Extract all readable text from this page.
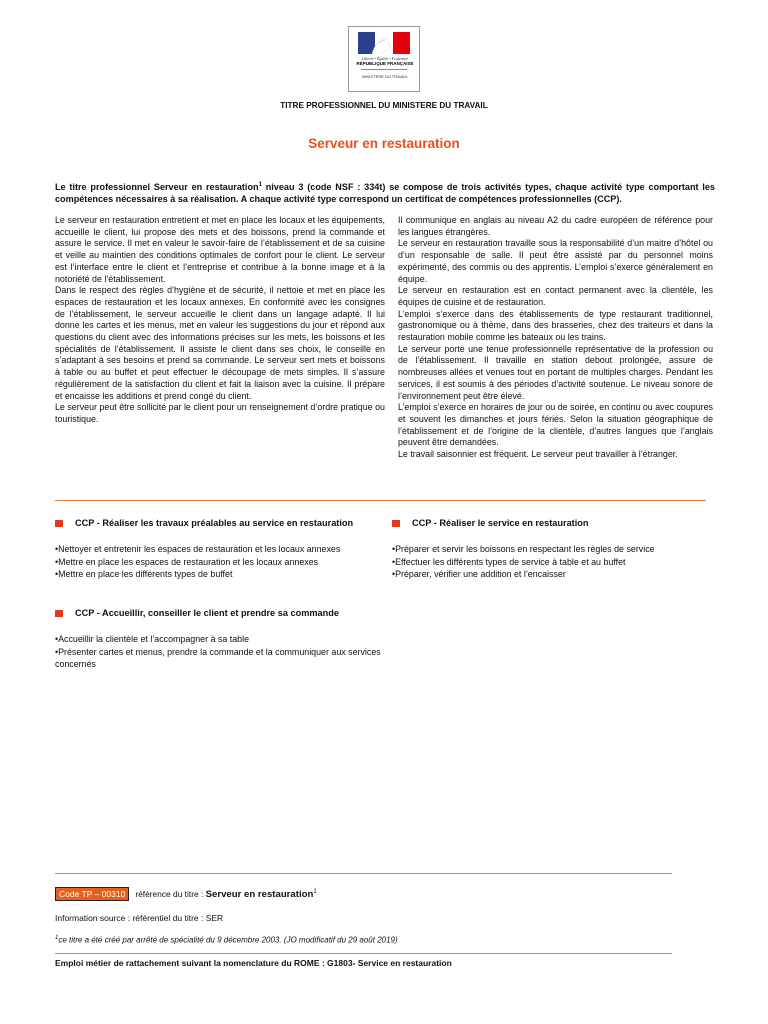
Liberté • Égalité • Fraternité
RÉPUBLIQUE FRANÇAISE
MINISTÈRE DU TRAVAIL
TITRE PROFESSIONNEL DU MINISTERE DU TRAVAIL
Serveur en restauration
Le titre professionnel Serveur en restauration$^1$ niveau 3 (code NSF : 334t) se compose de trois activités types, chaque activité type comportant les compétences nécessaires à sa réalisation. A chaque activité type correspond un certificat de compétences professionnelles (CCP).

Le serveur en restauration entretient et met en place les locaux et les équipements, accueille le client, lui propose des mets et des boissons, prend la commande et assure le service. Il met en valeur le savoir-faire de l’établissement et de sa cuisine et veille au maintien des conditions optimales de confort pour le client. Le serveur est l’interface entre le client et l’entreprise et contribue à la bonne image et à la notoriété de l’établissement.

Dans le respect des règles d’hygiène et de sécurité, il nettoie et met en place les espaces de restauration et les locaux annexes. En conformité avec les consignes de l’établissement, le serveur accueille le client dans un langage adapté. Il lui donne les cartes et les menus, met en valeur les suggestions du jour et répond aux questions du client avec des informations précises sur les mets, les boissons et les spécialités de l’établissement. Il assiste le client dans ses choix, le conseille en s’adaptant à ses besoins et prend sa commande. Le serveur sert mets et boissons à table ou au buffet et peut effectuer le découpage de mets simples. Il s’assure régulièrement de la satisfaction du client et fait la liaison avec la cuisine. Il prépare et encaisse les additions et prend congé du client.

Le serveur peut être sollicité par le client pour un renseignement d’ordre pratique ou touristique.

Il communique en anglais au niveau A2 du cadre européen de référence pour les langues étrangères.

Le serveur en restauration travaille sous la responsabilité d’un maitre d’hôtel ou d’un responsable de salle. Il peut être assisté par du personnel moins expérimenté, des commis ou des apprentis. L’emploi s’exerce généralement en équipe.

Le serveur en restauration est en contact permanent avec la clientèle, les équipes de cuisine et de restauration.

L’emploi s’exerce dans des établissements de type restaurant traditionnel, gastronomique ou à thème, dans des brasseries, chez des traiteurs et dans la restauration mobile comme les bateaux ou les trains.

Le serveur porte une tenue professionnelle représentative de la profession ou de l’établissement. Il travaille en station debout prolongée, assure de nombreuses allées et venues tout en portant de multiples charges. Pendant les services, il est soumis à des périodes d’activité soutenue. Le niveau sonore de l’environnement peut être élevé.

L’emploi s’exerce en horaires de jour ou de soirée, en continu ou avec coupures et souvent les dimanches et jours fériés. Selon la situation géographique de l’établissement et de l’origine de la clientèle, d’autres langues que l’anglais peuvent être demandées.

Le travail saisonnier est fréquent. Le serveur peut travailler à l’étranger.

CCP - Réaliser les travaux préalables au service en restauration
•Nettoyer et entretenir les espaces de restauration et les locaux annexes
•Mettre en place les espaces de restauration et les locaux annexes
•Mettre en place les différents types de buffet
CCP - Réaliser le service en restauration
•Préparer et servir les boissons en respectant les règles de service
•Effectuer les différents types de service à table et au buffet
•Préparer, vérifier une addition et l’encaisser
CCP - Accueillir, conseiller le client et prendre sa commande
•Accueillir la clientèle et l’accompagner à sa table
•Présenter cartes et menus, prendre la commande et la communiquer aux services concernés
Code TP – 00310 référence du titre : Serveur en restauration$^1$
Information source : référentiel du titre : SER
$^1$ce titre a été créé par arrêté de spécialité du 9 décembre 2003. (JO modificatif du 29 août 2019)
Emploi métier de rattachement suivant la nomenclature du ROME : G1803- Service en restauration
